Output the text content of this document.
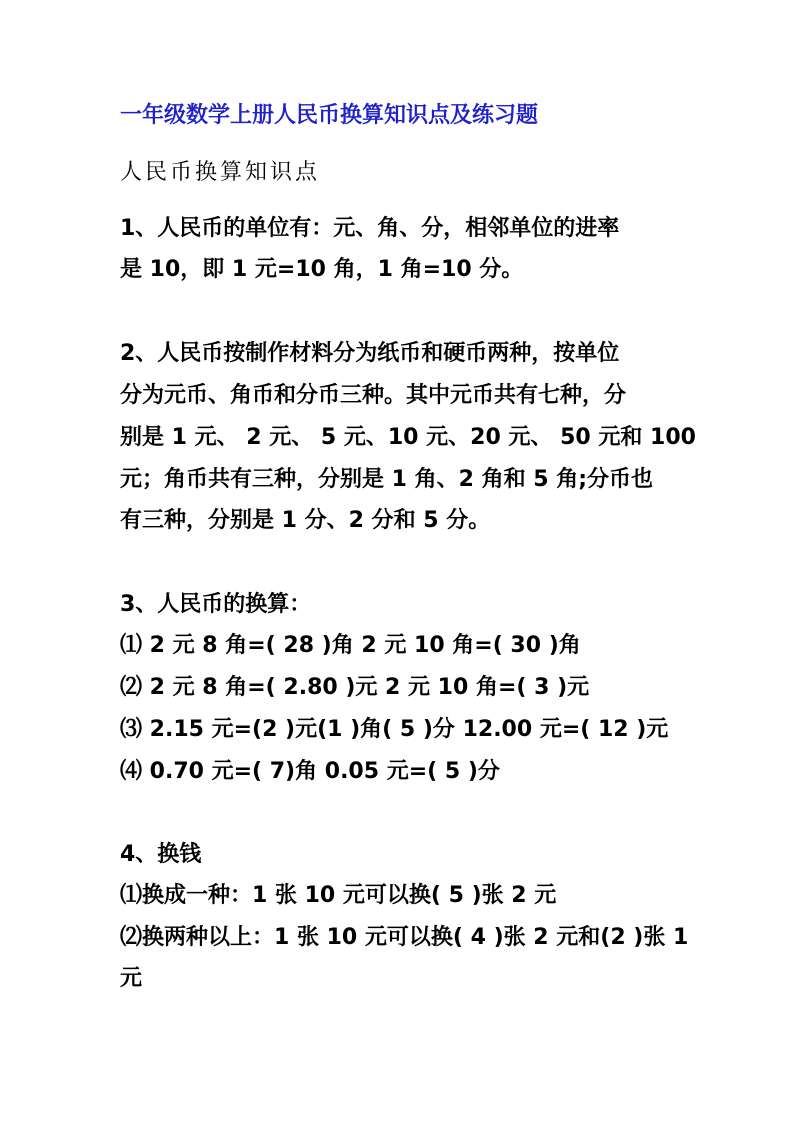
一年级数学上册人民币换算知识点及练习题
人民币换算知识点
1、人民币的单位有：元、角、分，相邻单位的进率
是 10，即 1 元=10 角，1 角=10 分。
2、人民币按制作材料分为纸币和硬币两种，按单位
分为元币、角币和分币三种。其中元币共有七种，分
别是 1 元、 2 元、 5 元、10 元、20 元、 50 元和 100
元；角币共有三种，分别是 1 角、2 角和 5 角;分币也
有三种，分别是 1 分、2 分和 5 分。
3、人民币的换算：
⑴ 2 元 8 角=( 28 )角 2 元 10 角=( 30 )角
⑵ 2 元 8 角=( 2.80 )元 2 元 10 角=( 3 )元
⑶ 2.15 元=(2 )元(1 )角( 5 )分 12.00 元=( 12 )元
⑷ 0.70 元=( 7)角 0.05 元=( 5 )分
4、换钱
⑴换成一种：1 张 10 元可以换( 5 )张 2 元
⑵换两种以上：1 张 10 元可以换( 4 )张 2 元和(2 )张 1
元
